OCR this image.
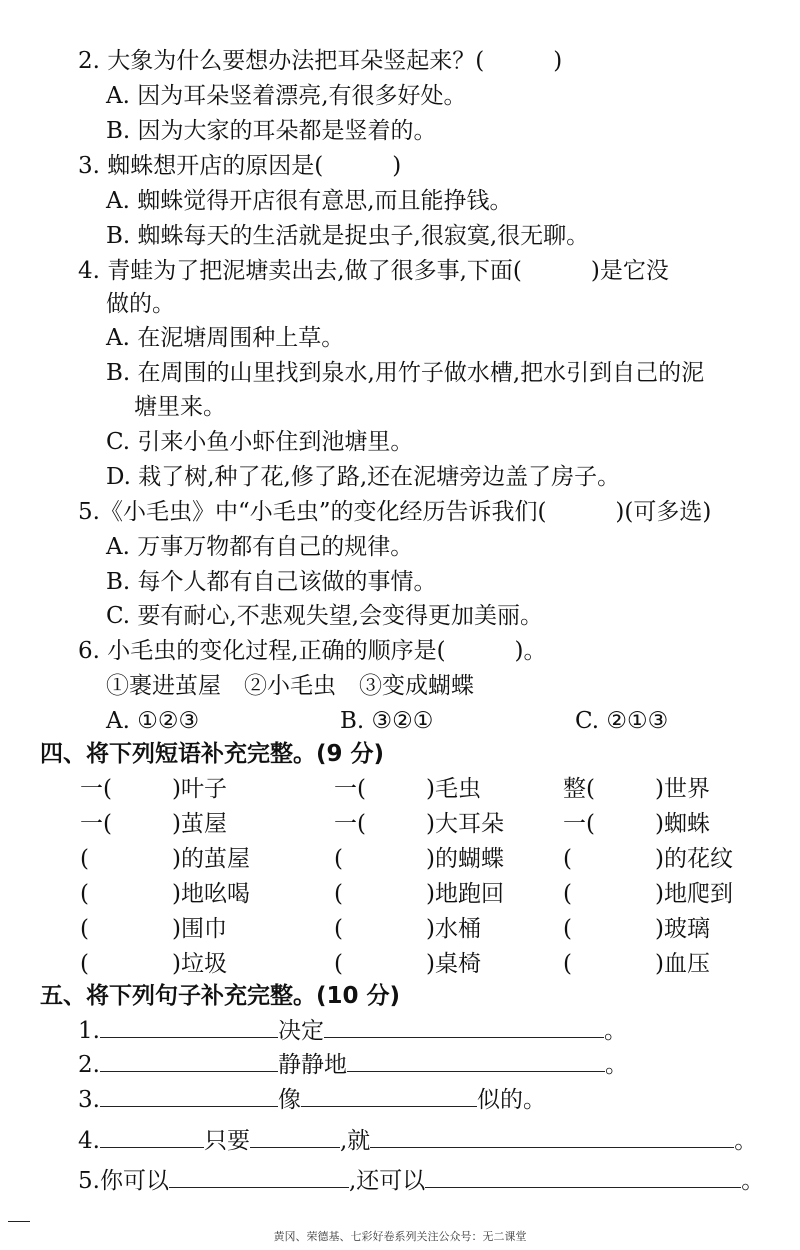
2. 大象为什么要想办法把耳朵竖起来？(　　　)
A. 因为耳朵竖着漂亮,有很多好处。
B. 因为大家的耳朵都是竖着的。
3. 蜘蛛想开店的原因是(　　　)
A. 蜘蛛觉得开店很有意思,而且能挣钱。
B. 蜘蛛每天的生活就是捉虫子,很寂寞,很无聊。
4. 青蛙为了把泥塘卖出去,做了很多事,下面(　　　)是它没
做的。
A. 在泥塘周围种上草。
B. 在周围的山里找到泉水,用竹子做水槽,把水引到自己的泥
塘里来。
C. 引来小鱼小虾住到池塘里。
D. 栽了树,种了花,修了路,还在泥塘旁边盖了房子。
5.《小毛虫》中“小毛虫”的变化经历告诉我们(　　　)(可多选)
A. 万事万物都有自己的规律。
B. 每个人都有自己该做的事情。
C. 要有耐心,不悲观失望,会变得更加美丽。
6. 小毛虫的变化过程,正确的顺序是(　　　)。
①裹进茧屋　②小毛虫　③变成蝴蝶
A. ①②③	B. ③②①	C. ②①③
四、将下列短语补充完整。(9 分)
一(	)叶子	一(	)毛虫	整(	)世界
一(	)茧屋	一(	)大耳朵	一(	)蜘蛛
(	)的茧屋	(	)的蝴蝶	(	)的花纹
(	)地吆喝	(	)地跑回	(	)地爬到
(	)围巾	(	)水桶	(	)玻璃
(	)垃圾	(	)桌椅	(	)血压
五、将下列句子补充完整。(10 分)
1.	决定	。
2.	静静地	。
3.	像	似的。
4.	只要	,就	。
5.你可以	,还可以	。
黄冈、荣德基、七彩好卷系列关注公众号：无二课堂
